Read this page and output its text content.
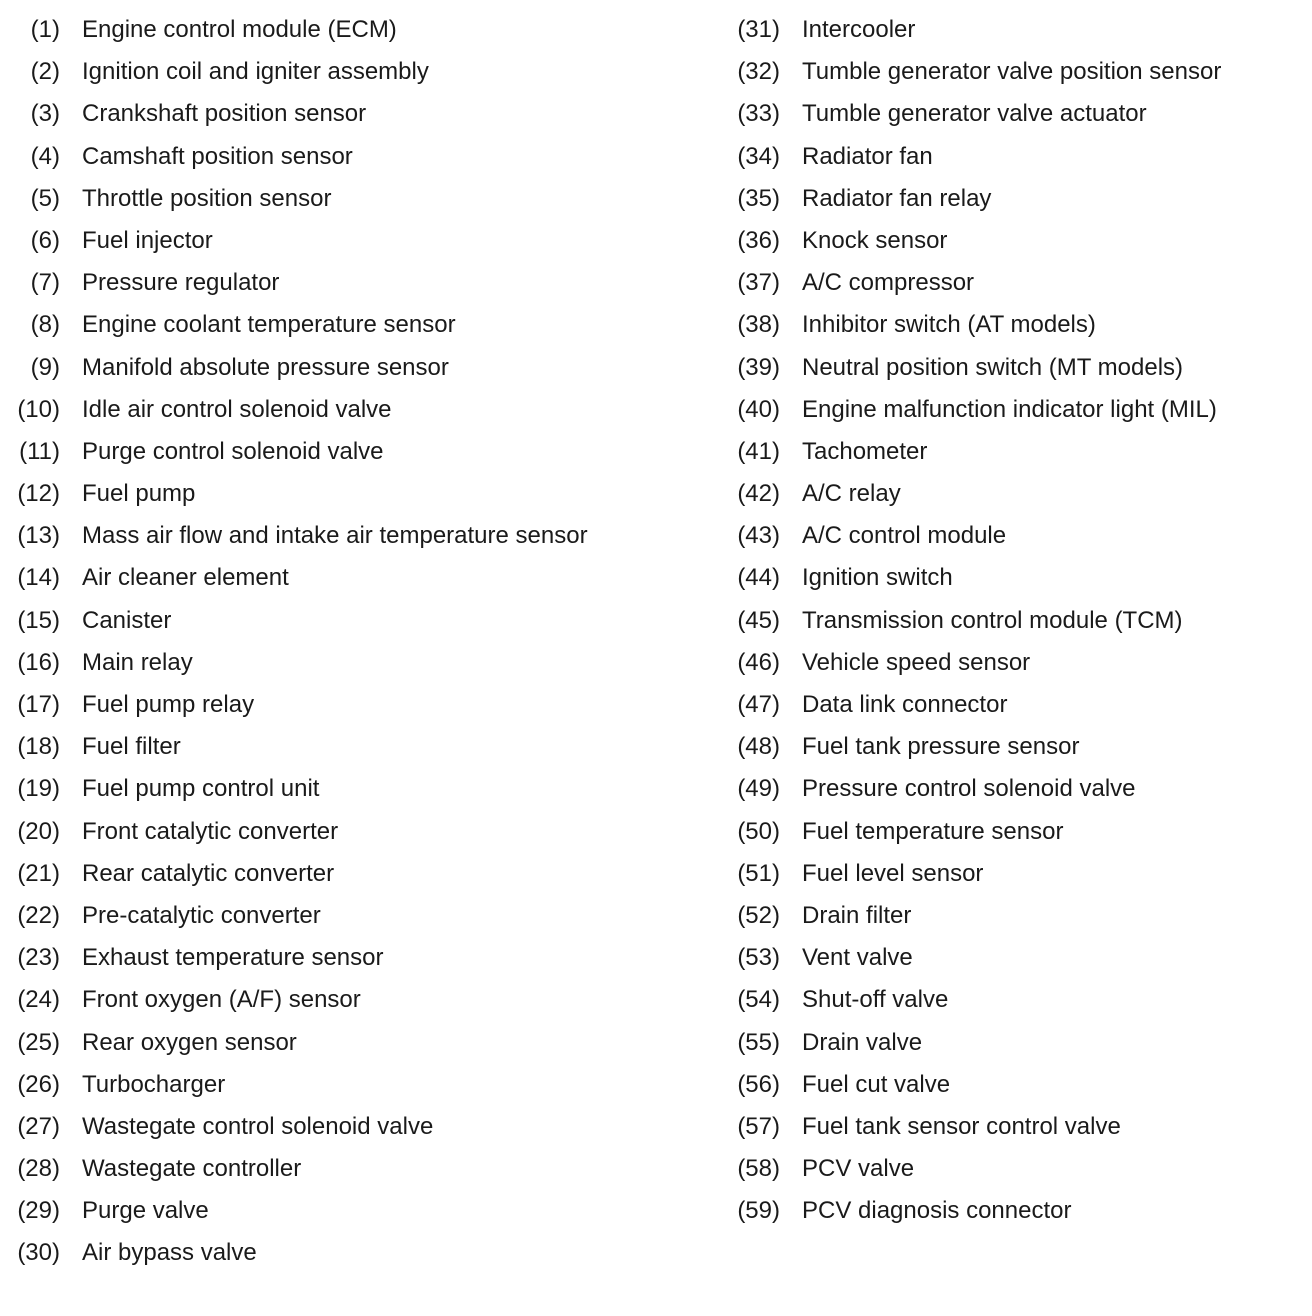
(1) Engine control module (ECM)
(2) Ignition coil and igniter assembly
(3) Crankshaft position sensor
(4) Camshaft position sensor
(5) Throttle position sensor
(6) Fuel injector
(7) Pressure regulator
(8) Engine coolant temperature sensor
(9) Manifold absolute pressure sensor
(10) Idle air control solenoid valve
(11) Purge control solenoid valve
(12) Fuel pump
(13) Mass air flow and intake air temperature sensor
(14) Air cleaner element
(15) Canister
(16) Main relay
(17) Fuel pump relay
(18) Fuel filter
(19) Fuel pump control unit
(20) Front catalytic converter
(21) Rear catalytic converter
(22) Pre-catalytic converter
(23) Exhaust temperature sensor
(24) Front oxygen (A/F) sensor
(25) Rear oxygen sensor
(26) Turbocharger
(27) Wastegate control solenoid valve
(28) Wastegate controller
(29) Purge valve
(30) Air bypass valve
(31) Intercooler
(32) Tumble generator valve position sensor
(33) Tumble generator valve actuator
(34) Radiator fan
(35) Radiator fan relay
(36) Knock sensor
(37) A/C compressor
(38) Inhibitor switch (AT models)
(39) Neutral position switch (MT models)
(40) Engine malfunction indicator light (MIL)
(41) Tachometer
(42) A/C relay
(43) A/C control module
(44) Ignition switch
(45) Transmission control module (TCM)
(46) Vehicle speed sensor
(47) Data link connector
(48) Fuel tank pressure sensor
(49) Pressure control solenoid valve
(50) Fuel temperature sensor
(51) Fuel level sensor
(52) Drain filter
(53) Vent valve
(54) Shut-off valve
(55) Drain valve
(56) Fuel cut valve
(57) Fuel tank sensor control valve
(58) PCV valve
(59) PCV diagnosis connector
